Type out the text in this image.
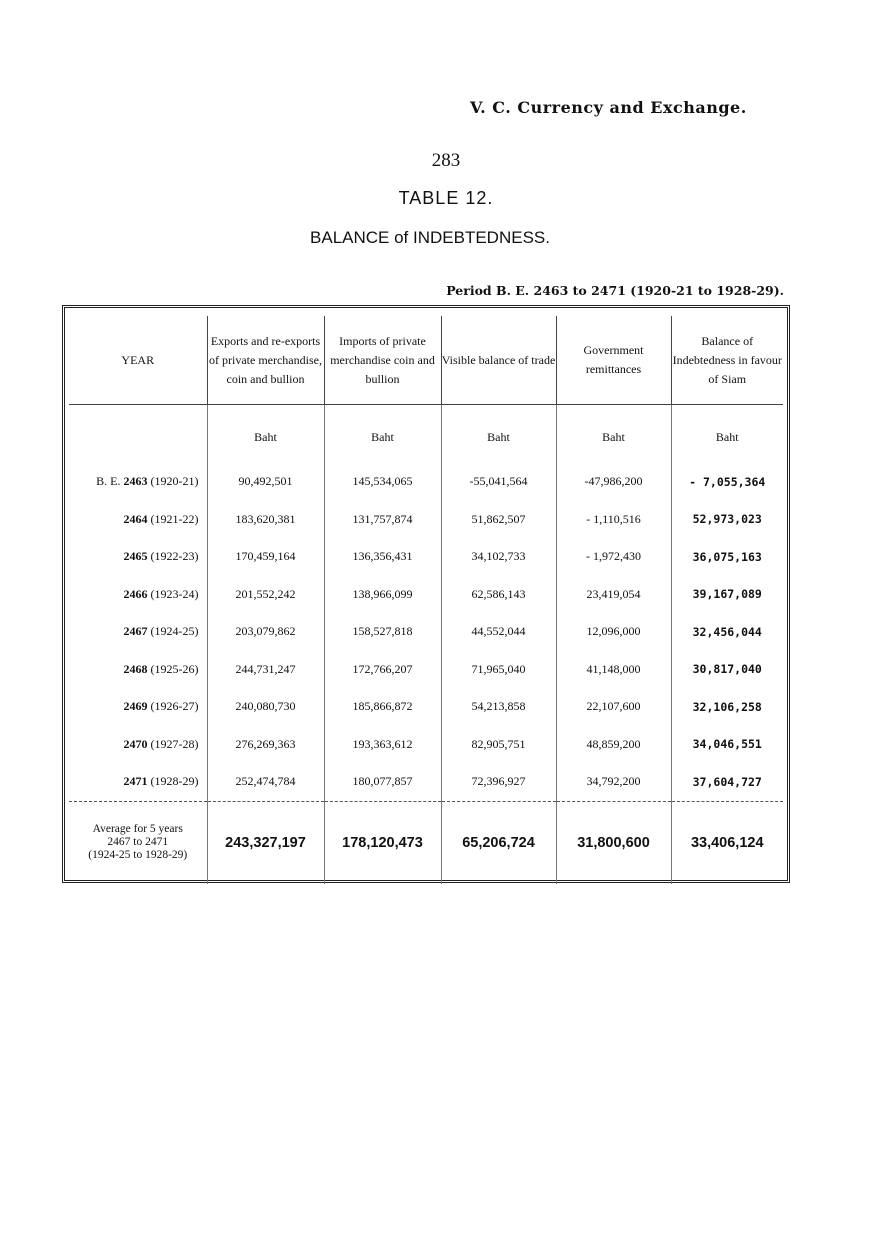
V. C. Currency and Exchange.
283
TABLE 12.
BALANCE of INDEBTEDNESS.
Period B. E. 2463 to 2471 (1920-21 to 1928-29).
YEAR	Exports and re-exports of private merchandise, coin and bullion	Imports of private merchandise coin and bullion	Visible balance of trade	Government remittances	Balance of Indebtedness in favour of Siam
	Baht	Baht	Baht	Baht	Baht
B. E. 2463 (1920-21)	90,492,501	145,534,065	-55,041,564	-47,986,200	- 7,055,364
2464 (1921-22)	183,620,381	131,757,874	51,862,507	- 1,110,516	52,973,023
2465 (1922-23)	170,459,164	136,356,431	34,102,733	- 1,972,430	36,075,163
2466 (1923-24)	201,552,242	138,966,099	62,586,143	23,419,054	39,167,089
2467 (1924-25)	203,079,862	158,527,818	44,552,044	12,096,000	32,456,044
2468 (1925-26)	244,731,247	172,766,207	71,965,040	41,148,000	30,817,040
2469 (1926-27)	240,080,730	185,866,872	54,213,858	22,107,600	32,106,258
2470 (1927-28)	276,269,363	193,363,612	82,905,751	48,859,200	34,046,551
2471 (1928-29)	252,474,784	180,077,857	72,396,927	34,792,200	37,604,727

Average for 5 years
2467 to 2471
(1924-25 to 1928-29)	243,327,197	178,120,473	65,206,724	31,800,600	33,406,124
